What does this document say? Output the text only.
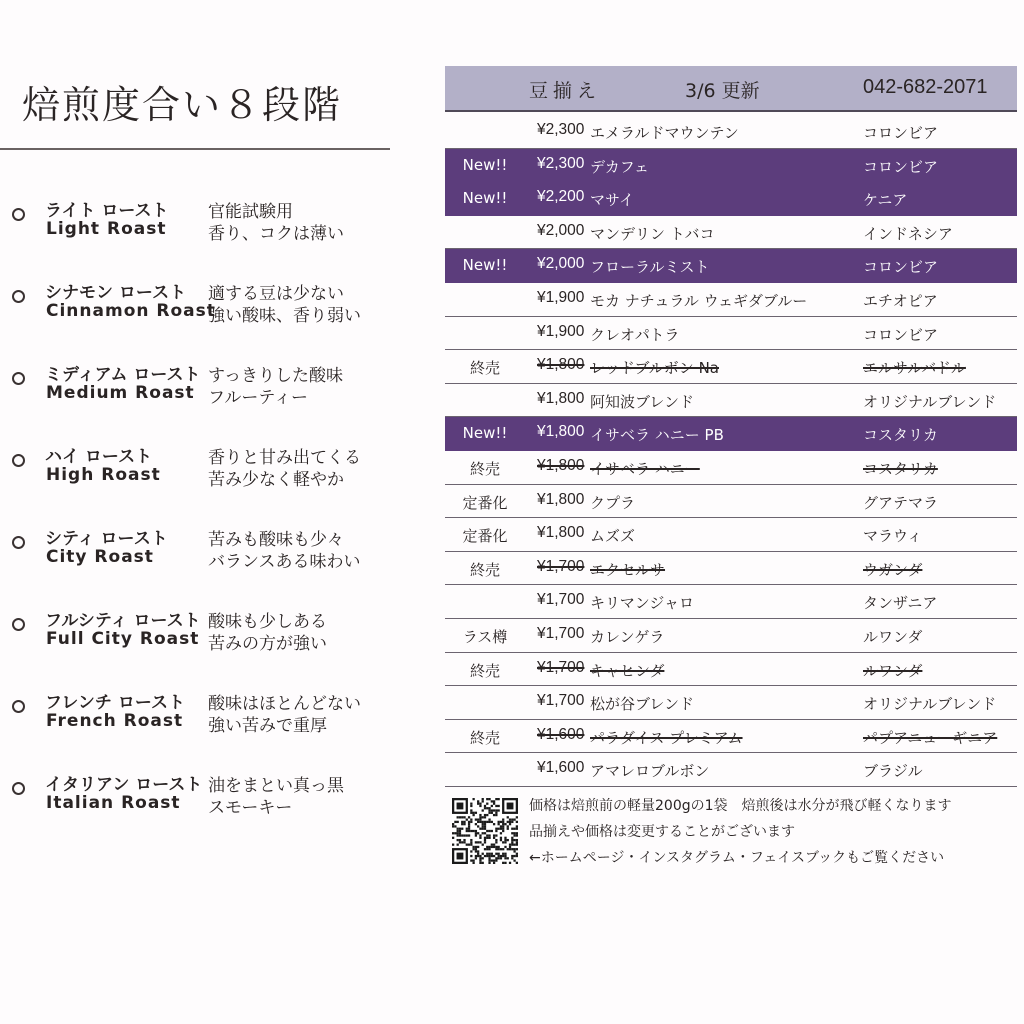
焙煎度合い８段階
ライト ロースト
Light Roast
官能試験用
香り、コクは薄い
シナモン ロースト
Cinnamon Roast
適する豆は少ない
強い酸味、香り弱い
ミディアム ロースト
Medium Roast
すっきりした酸味
フルーティー
ハイ ロースト
High Roast
香りと甘み出てくる
苦み少なく軽やか
シティ ロースト
City Roast
苦みも酸味も少々
バランスある味わい
フルシティ ロースト
Full City Roast
酸味も少しある
苦みの方が強い
フレンチ ロースト
French Roast
酸味はほとんどない
強い苦みで重厚
イタリアン ロースト
Italian Roast
油をまとい真っ黒
スモーキー
豆揃え	3/6 更新	042-682-2071
¥2,300 エメラルドマウンテン	コロンビア
New!!	¥2,300 デカフェ	コロンビア
New!!	¥2,200 マサイ	ケニア
¥2,000 マンデリン トバコ	インドネシア
New!!	¥2,000 フローラルミスト	コロンビア
¥1,900 モカ ナチュラル ウェギダブルー	エチオピア
¥1,900 クレオパトラ	コロンビア
終売	¥1,800 レッドブルボン Na	エルサルバドル
¥1,800 阿知波ブレンド	オリジナルブレンド
New!!	¥1,800 イサベラ ハニー PB	コスタリカ
終売	¥1,800 イサベラ ハニー	コスタリカ
定番化	¥1,800 クプラ	グアテマラ
定番化	¥1,800 ムズズ	マラウィ
終売	¥1,700 エクセルサ	ウガンダ
¥1,700 キリマンジャロ	タンザニア
ラス樽	¥1,700 カレンゲラ	ルワンダ
終売	¥1,700 キャヒンダ	ルワンダ
¥1,700 松が谷ブレンド	オリジナルブレンド
終売	¥1,600 パラダイス プレミアム	パプアニューギニア
¥1,600 アマレロブルボン	ブラジル
価格は焙煎前の軽量200gの1袋　焙煎後は水分が飛び軽くなります
品揃えや価格は変更することがございます
←ホームページ・インスタグラム・フェイスブックもご覧ください
